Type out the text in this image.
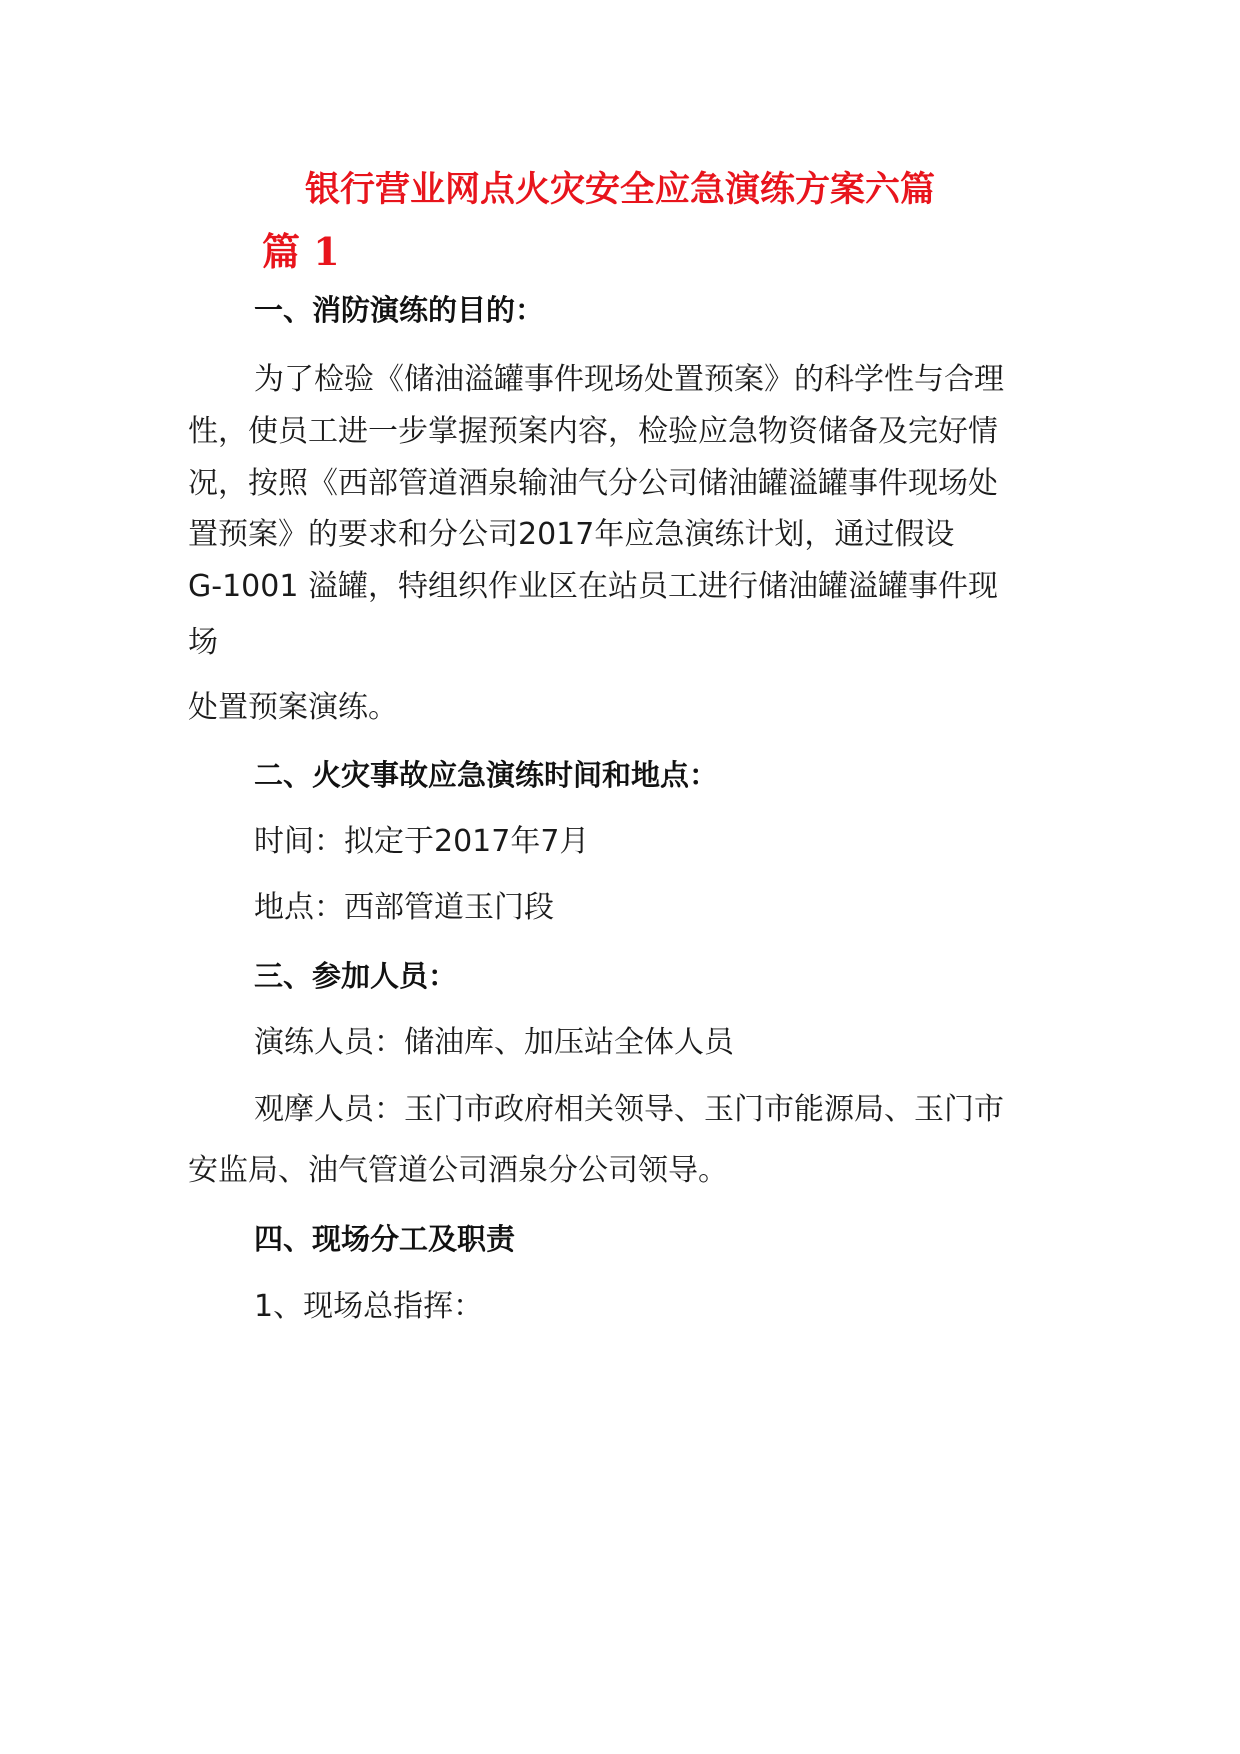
银行营业网点火灾安全应急演练方案六篇
篇 1
一、消防演练的目的：
为了检验《储油溢罐事件现场处置预案》的科学性与合理
性，使员工进一步掌握预案内容，检验应急物资储备及完好情
况，按照《西部管道酒泉输油气分公司储油罐溢罐事件现场处
置预案》的要求和分公司2017年应急演练计划，通过假设
G-1001 溢罐，特组织作业区在站员工进行储油罐溢罐事件现
场
处置预案演练。
二、火灾事故应急演练时间和地点：
时间：拟定于2017年7月
地点：西部管道玉门段
三、参加人员：
演练人员：储油库、加压站全体人员
观摩人员：玉门市政府相关领导、玉门市能源局、玉门市
安监局、油气管道公司酒泉分公司领导。
四、现场分工及职责
1、现场总指挥：
